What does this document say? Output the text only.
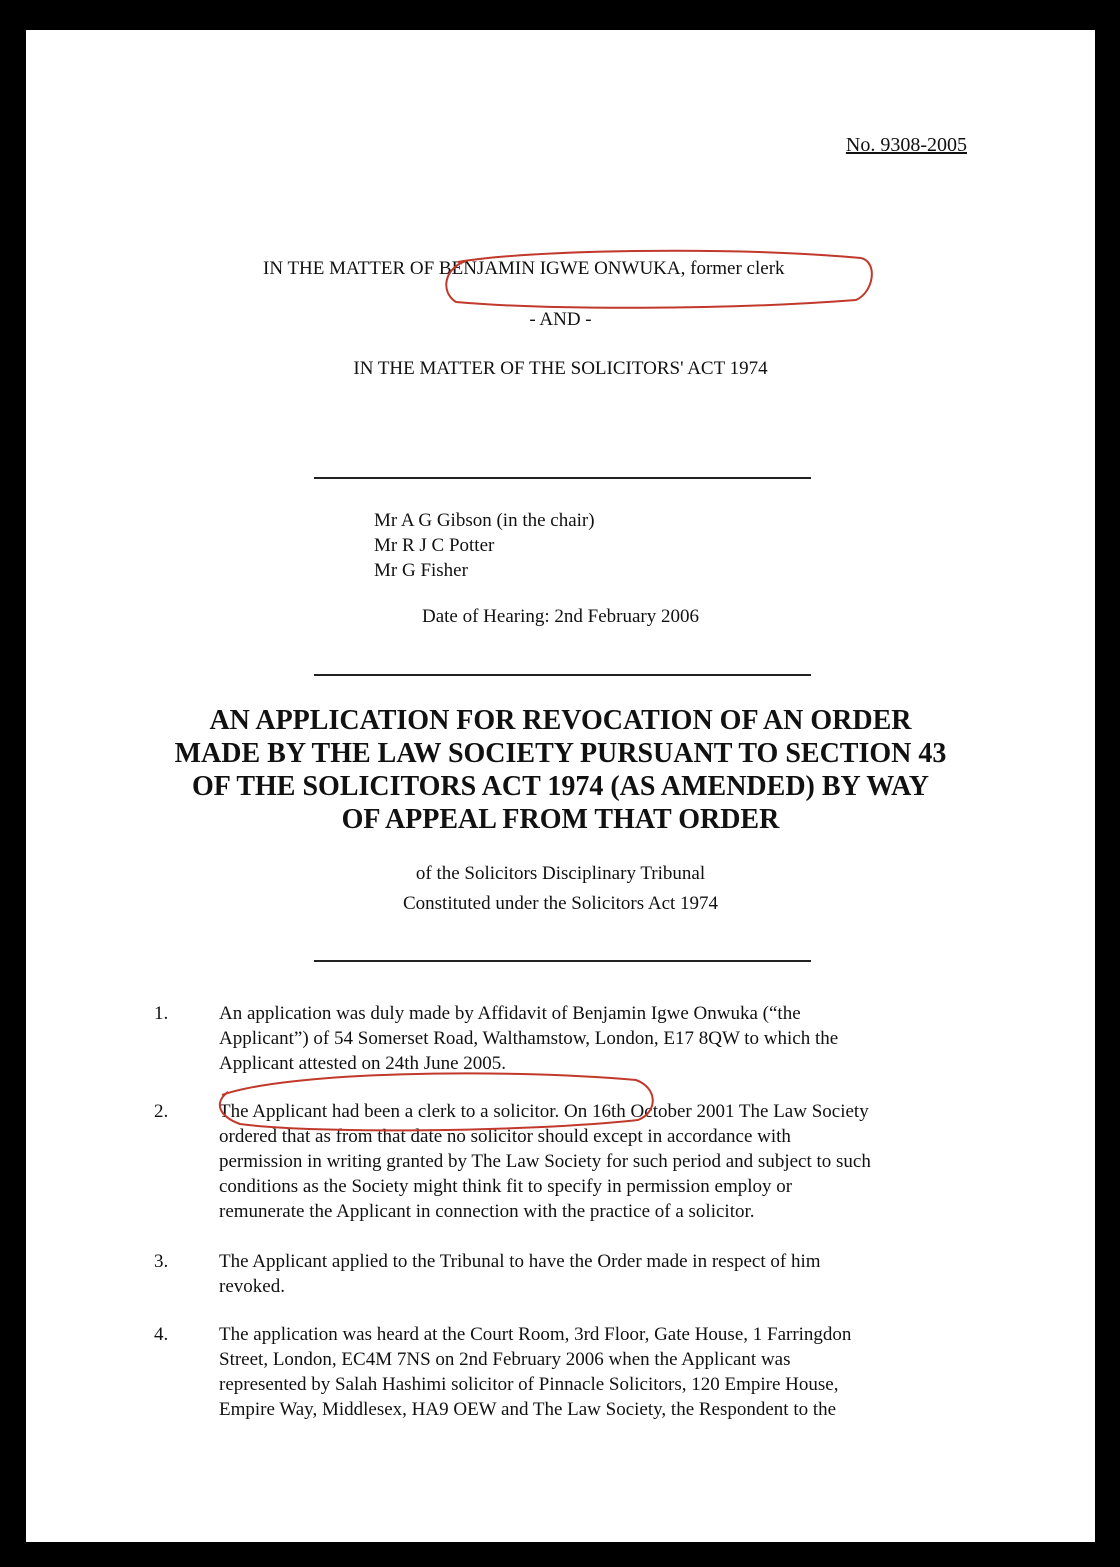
No. 9308-2005
IN THE MATTER OF BENJAMIN IGWE ONWUKA, former clerk
- AND -
IN THE MATTER OF THE SOLICITORS' ACT 1974
Mr A G Gibson (in the chair)
Mr R J C Potter
Mr G Fisher
Date of Hearing: 2nd February 2006
AN APPLICATION FOR REVOCATION OF AN ORDER
MADE BY THE LAW SOCIETY PURSUANT TO SECTION 43
OF THE SOLICITORS ACT 1974 (AS AMENDED) BY WAY
OF APPEAL FROM THAT ORDER
of the Solicitors Disciplinary Tribunal
Constituted under the Solicitors Act 1974
1.	An application was duly made by Affidavit of Benjamin Igwe Onwuka (“the
Applicant”) of 54 Somerset Road, Walthamstow, London, E17 8QW to which the
Applicant attested on 24th June 2005.
2.	The Applicant had been a clerk to a solicitor. On 16th October 2001 The Law Society
ordered that as from that date no solicitor should except in accordance with
permission in writing granted by The Law Society for such period and subject to such
conditions as the Society might think fit to specify in permission employ or
remunerate the Applicant in connection with the practice of a solicitor.
3.	The Applicant applied to the Tribunal to have the Order made in respect of him
revoked.
4.	The application was heard at the Court Room, 3rd Floor, Gate House, 1 Farringdon
Street, London, EC4M 7NS on 2nd February 2006 when the Applicant was
represented by Salah Hashimi solicitor of Pinnacle Solicitors, 120 Empire House,
Empire Way, Middlesex, HA9 OEW and The Law Society, the Respondent to the
